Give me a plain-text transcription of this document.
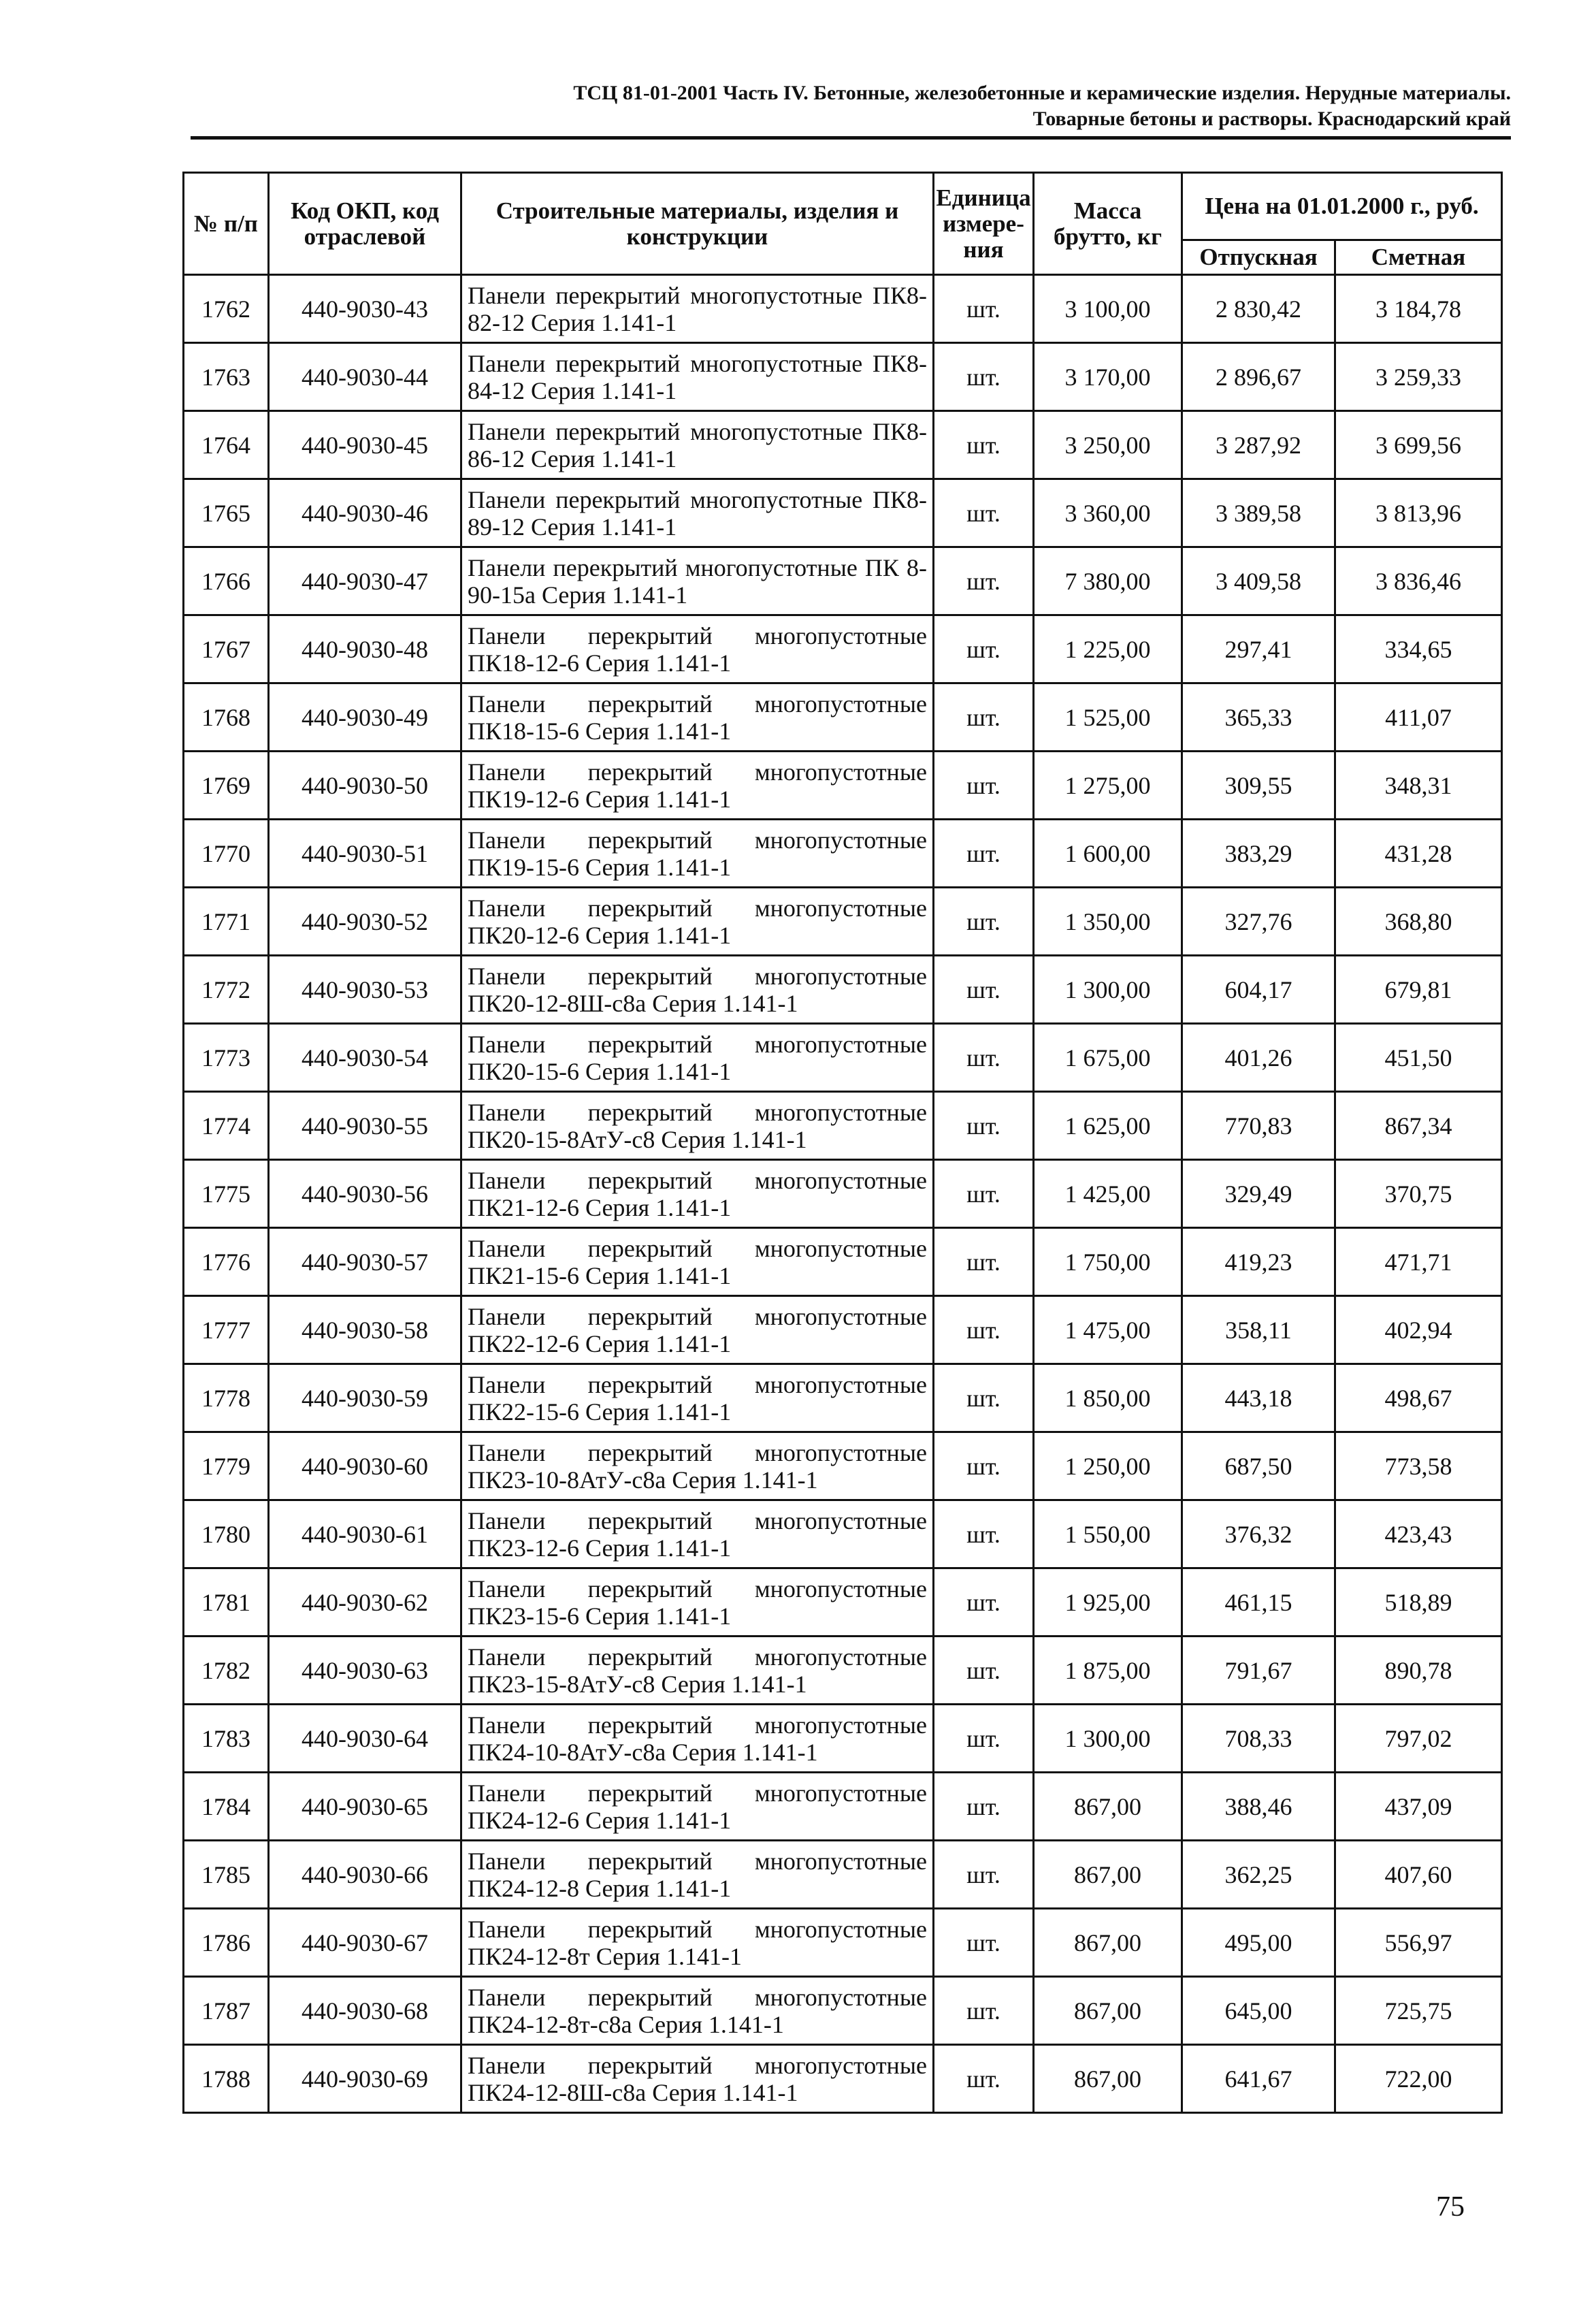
ТСЦ 81-01-2001 Часть IV. Бетонные, железобетонные и керамические изделия. Нерудные материалы.
Товарные бетоны и растворы. Краснодарский край
№ п/п	Код ОКП, код отраслевой	Строительные материалы, изделия и конструкции	Единица измере-ния	Масса брутто, кг	Цена на 01.01.2000 г., руб.	
					Отпускная	Сметная
1762	440-9030-43	Панели перекрытий многопустотные ПК8-82-12 Серия 1.141-1	шт.	3 100,00	2 830,42	3 184,78
1763	440-9030-44	Панели перекрытий многопустотные ПК8-84-12 Серия 1.141-1	шт.	3 170,00	2 896,67	3 259,33
1764	440-9030-45	Панели перекрытий многопустотные ПК8-86-12 Серия 1.141-1	шт.	3 250,00	3 287,92	3 699,56
1765	440-9030-46	Панели перекрытий многопустотные ПК8-89-12 Серия 1.141-1	шт.	3 360,00	3 389,58	3 813,96
1766	440-9030-47	Панели перекрытий многопустотные ПК 8-90-15а Серия 1.141-1	шт.	7 380,00	3 409,58	3 836,46
1767	440-9030-48	Панели перекрытий многопустотные ПК18-12-6 Серия 1.141-1	шт.	1 225,00	297,41	334,65
1768	440-9030-49	Панели перекрытий многопустотные ПК18-15-6 Серия 1.141-1	шт.	1 525,00	365,33	411,07
1769	440-9030-50	Панели перекрытий многопустотные ПК19-12-6 Серия 1.141-1	шт.	1 275,00	309,55	348,31
1770	440-9030-51	Панели перекрытий многопустотные ПК19-15-6 Серия 1.141-1	шт.	1 600,00	383,29	431,28
1771	440-9030-52	Панели перекрытий многопустотные ПК20-12-6 Серия 1.141-1	шт.	1 350,00	327,76	368,80
1772	440-9030-53	Панели перекрытий многопустотные ПК20-12-8Ш-с8а Серия 1.141-1	шт.	1 300,00	604,17	679,81
1773	440-9030-54	Панели перекрытий многопустотные ПК20-15-6 Серия 1.141-1	шт.	1 675,00	401,26	451,50
1774	440-9030-55	Панели перекрытий многопустотные ПК20-15-8АтУ-с8 Серия 1.141-1	шт.	1 625,00	770,83	867,34
1775	440-9030-56	Панели перекрытий многопустотные ПК21-12-6 Серия 1.141-1	шт.	1 425,00	329,49	370,75
1776	440-9030-57	Панели перекрытий многопустотные ПК21-15-6 Серия 1.141-1	шт.	1 750,00	419,23	471,71
1777	440-9030-58	Панели перекрытий многопустотные ПК22-12-6 Серия 1.141-1	шт.	1 475,00	358,11	402,94
1778	440-9030-59	Панели перекрытий многопустотные ПК22-15-6 Серия 1.141-1	шт.	1 850,00	443,18	498,67
1779	440-9030-60	Панели перекрытий многопустотные ПК23-10-8АтУ-с8а Серия 1.141-1	шт.	1 250,00	687,50	773,58
1780	440-9030-61	Панели перекрытий многопустотные ПК23-12-6 Серия 1.141-1	шт.	1 550,00	376,32	423,43
1781	440-9030-62	Панели перекрытий многопустотные ПК23-15-6 Серия 1.141-1	шт.	1 925,00	461,15	518,89
1782	440-9030-63	Панели перекрытий многопустотные ПК23-15-8АтУ-с8 Серия 1.141-1	шт.	1 875,00	791,67	890,78
1783	440-9030-64	Панели перекрытий многопустотные ПК24-10-8АтУ-с8а Серия 1.141-1	шт.	1 300,00	708,33	797,02
1784	440-9030-65	Панели перекрытий многопустотные ПК24-12-6 Серия 1.141-1	шт.	867,00	388,46	437,09
1785	440-9030-66	Панели перекрытий многопустотные ПК24-12-8 Серия 1.141-1	шт.	867,00	362,25	407,60
1786	440-9030-67	Панели перекрытий многопустотные ПК24-12-8т Серия 1.141-1	шт.	867,00	495,00	556,97
1787	440-9030-68	Панели перекрытий многопустотные ПК24-12-8т-с8а Серия 1.141-1	шт.	867,00	645,00	725,75
1788	440-9030-69	Панели перекрытий многопустотные ПК24-12-8Ш-с8а Серия 1.141-1	шт.	867,00	641,67	722,00
75
